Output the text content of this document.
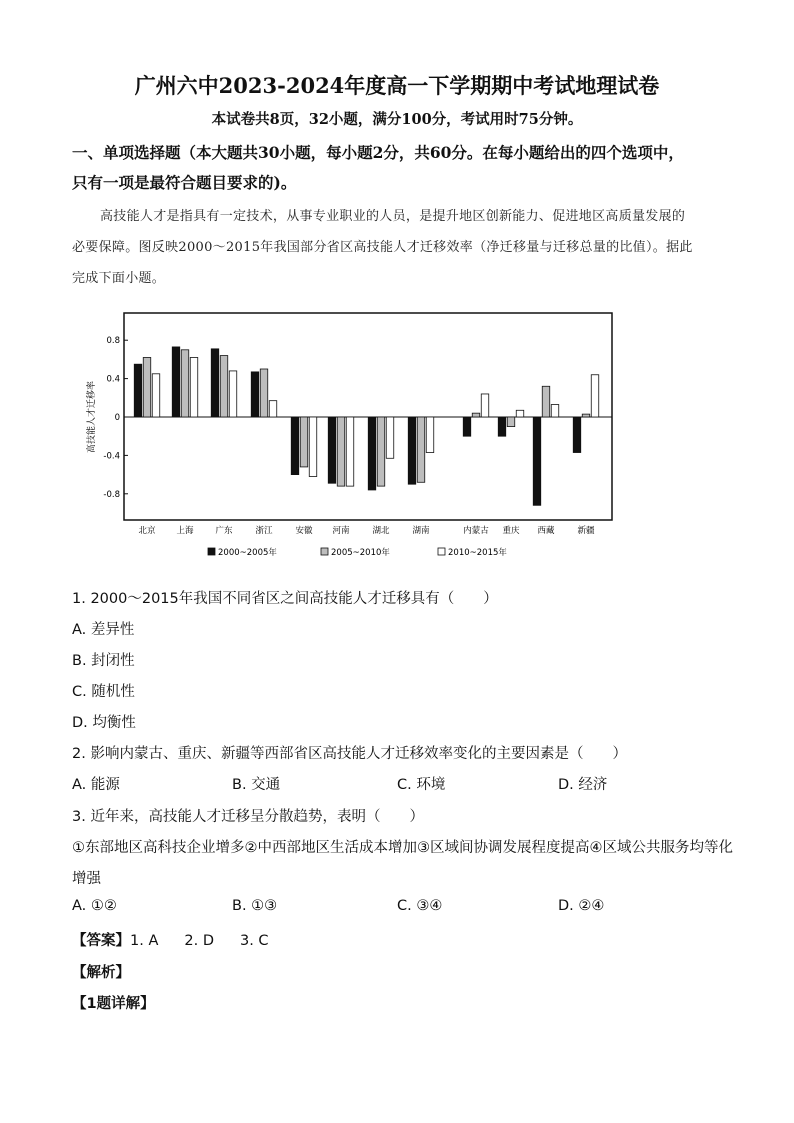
广州六中2023-2024年度高一下学期期中考试地理试卷
本试卷共8页，32小题，满分100分，考试用时75分钟。
一、单项选择题（本大题共30小题，每小题2分，共60分。在每小题给出的四个选项中，
只有一项是最符合题目要求的)。
高技能人才是指具有一定技术，从事专业职业的人员，是提升地区创新能力、促进地区高质量发展的
必要保障。图反映2000～2015年我国部分省区高技能人才迁移效率（净迁移量与迁移总量的比值）。据此
完成下面小题。
0.8
0.4
0
-0.4
-0.8
北京 上海	广东	浙江	安徽 河南	湖北	湖南	内蒙古 重庆 西藏	新疆
高技能人才迁移率
2000~2005年	2005~2010年	2010~2015年
1. 2000～2015年我国不同省区之间高技能人才迁移具有（　　）
A. 差异性
B. 封闭性
C. 随机性
D. 均衡性
2. 影响内蒙古、重庆、新疆等西部省区高技能人才迁移效率变化的主要因素是（　　）
A. 能源	B. 交通	C. 环境	D. 经济
3. 近年来，高技能人才迁移呈分散趋势，表明（　　）
①东部地区高科技企业增多②中西部地区生活成本增加③区域间协调发展程度提高④区域公共服务均等化
增强
A. ①②	B. ①③	C. ③④	D. ②④
【答案】1. A 2. D 3. C
【解析】
【1题详解】
